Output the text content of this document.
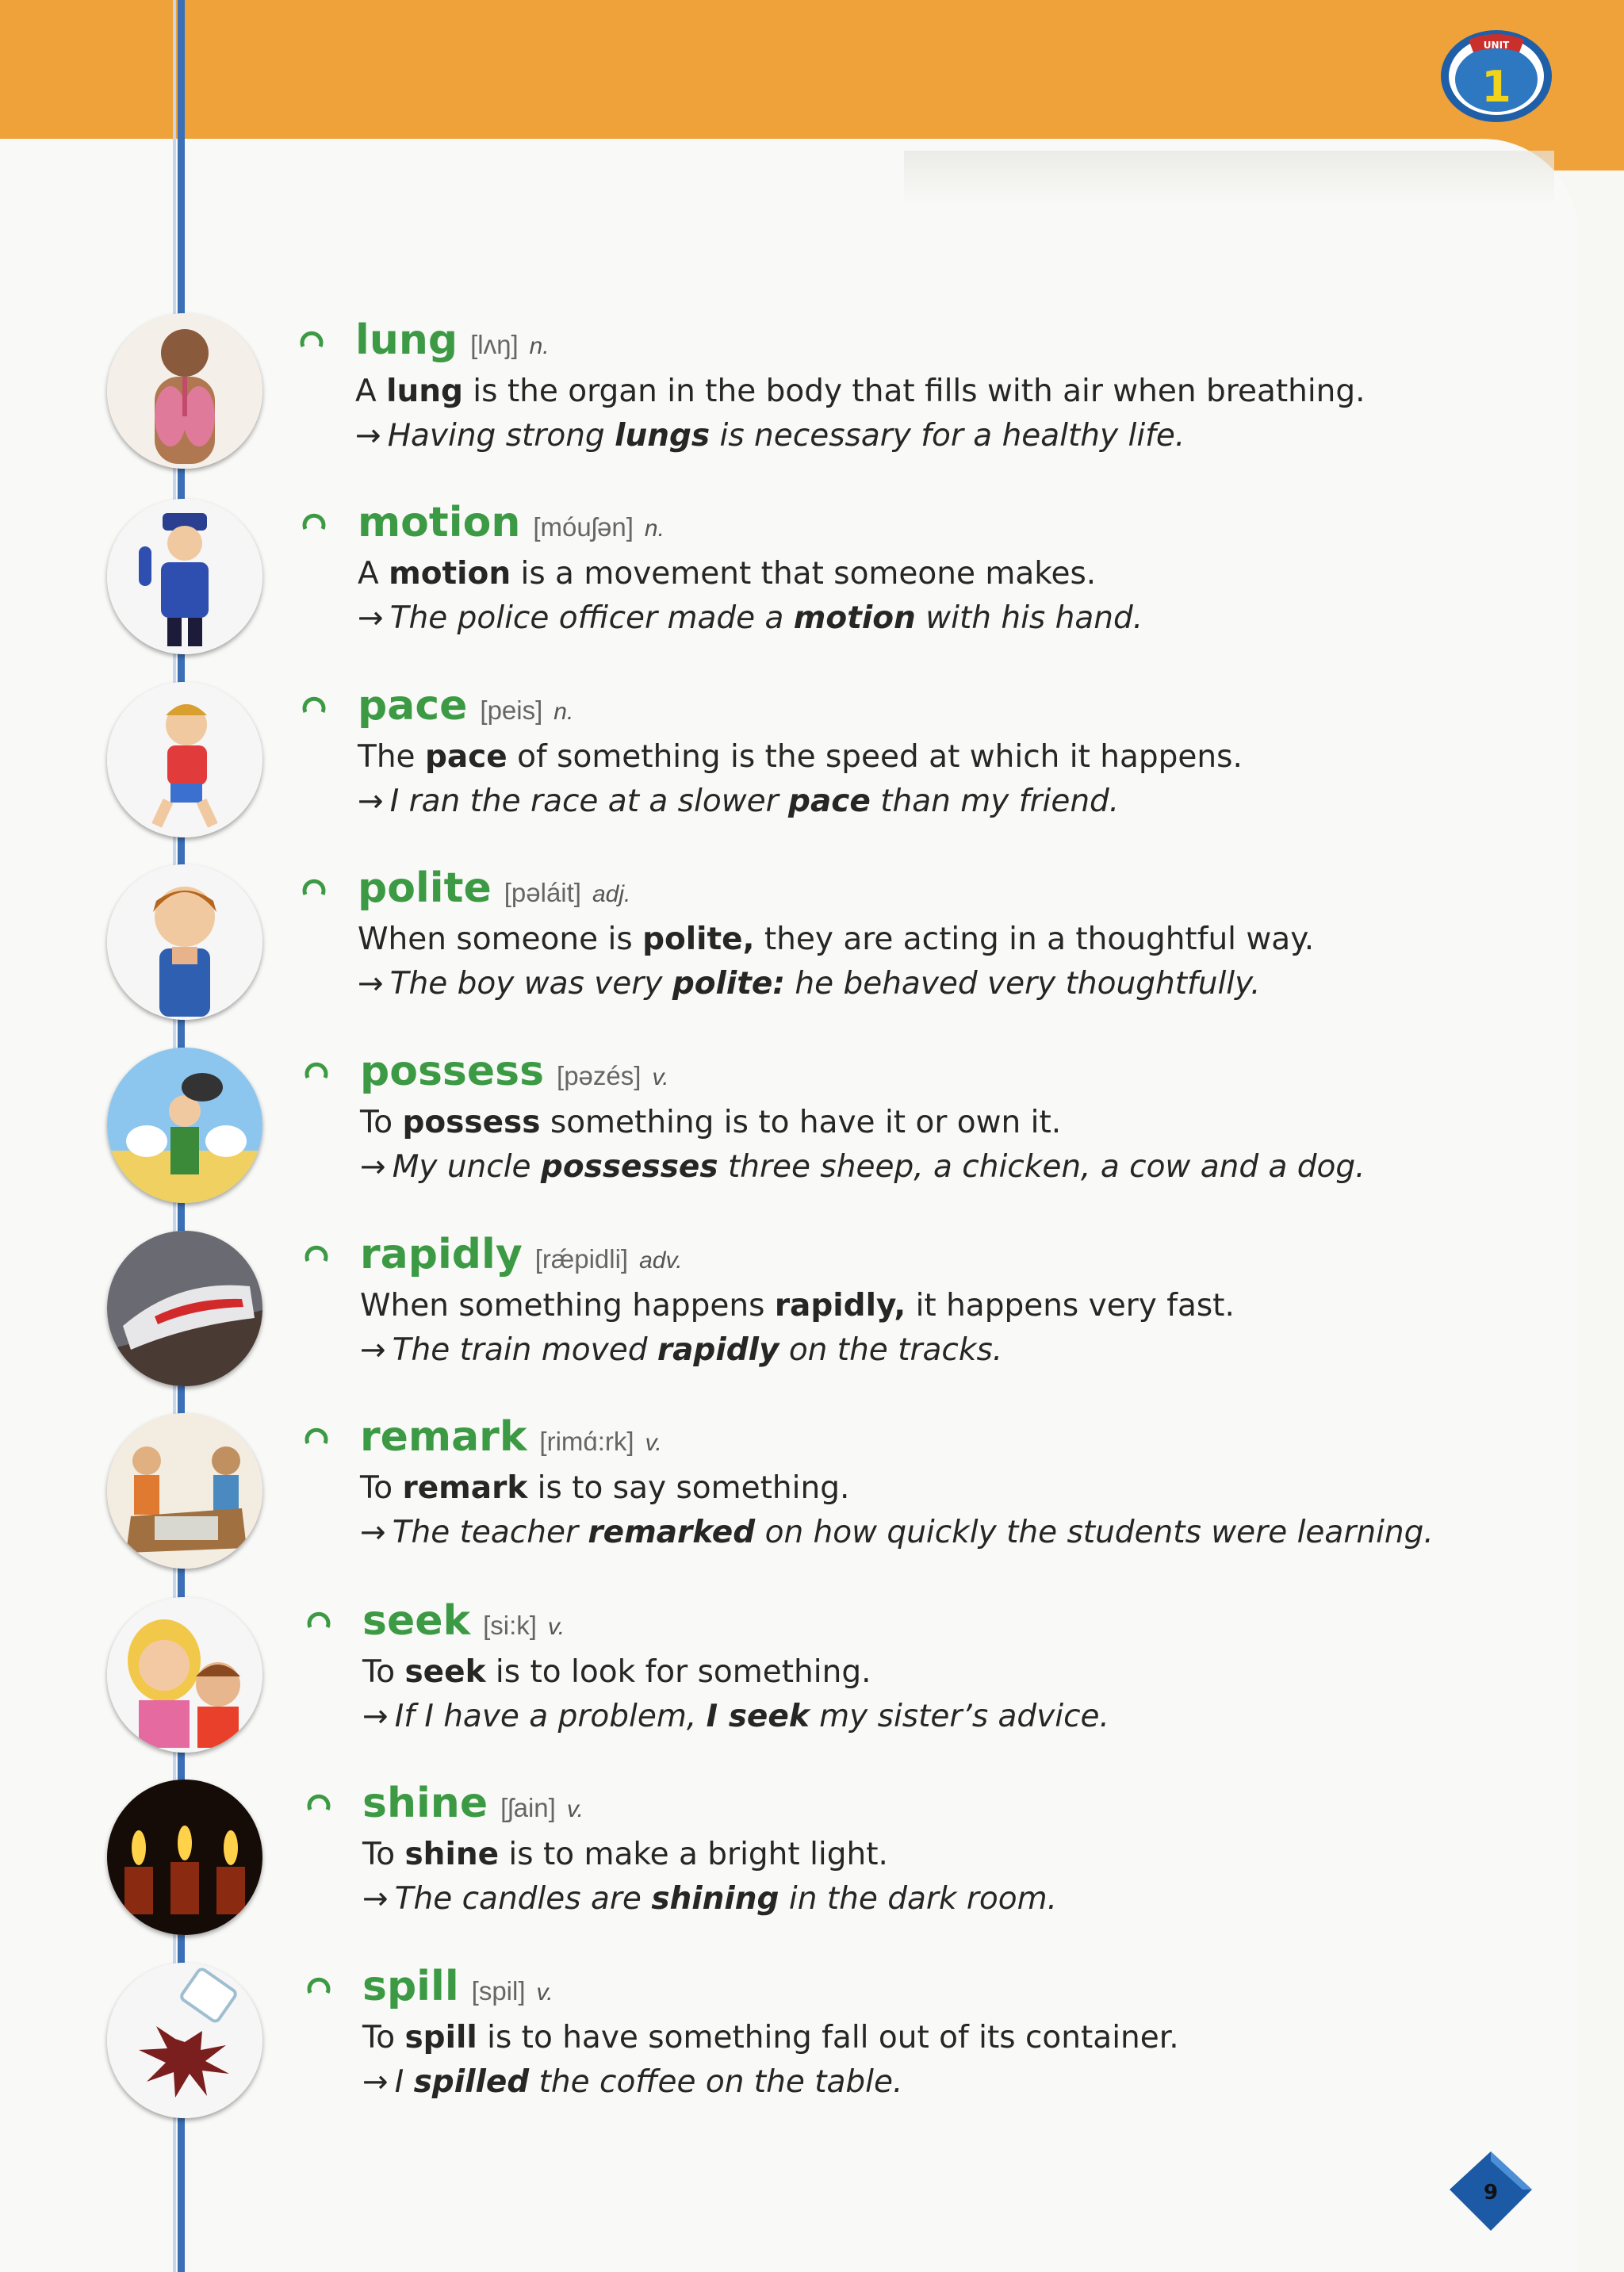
UNIT
1
9
lung [lʌŋ] n.
A lung is the organ in the body that fills with air when breathing.
→ Having strong lungs is necessary for a healthy life.
motion [móuʃən] n.
A motion is a movement that someone makes.
→ The police officer made a motion with his hand.
pace [peis] n.
The pace of something is the speed at which it happens.
→ I ran the race at a slower pace than my friend.
polite [pəláit] adj.
When someone is polite, they are acting in a thoughtful way.
→ The boy was very polite: he behaved very thoughtfully.
possess [pəzés] v.
To possess something is to have it or own it.
→ My uncle possesses three sheep, a chicken, a cow and a dog.
rapidly [rǽpidli] adv.
When something happens rapidly, it happens very fast.
→ The train moved rapidly on the tracks.
remark [rimɑ́:rk] v.
To remark is to say something.
→ The teacher remarked on how quickly the students were learning.
seek [si:k] v.
To seek is to look for something.
→ If I have a problem, I seek my sister’s advice.
shine [ʃain] v.
To shine is to make a bright light.
→ The candles are shining in the dark room.
spill [spil] v.
To spill is to have something fall out of its container.
→ I spilled the coffee on the table.
